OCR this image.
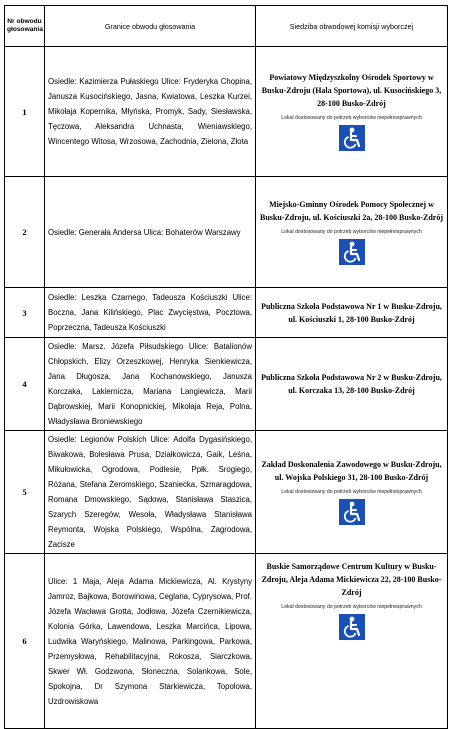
Nr obwodu głosowania	Granice obwodu głosowania	Siedziba obwodowej komisji wyborczej
1	Osiedle: Kazimierza Pułaskiego Ulice: Fryderyka Chopina, Janusza Kusocińskiego, Jasna, Kwiatowa, Leszka Kurzei, Mikołaja Kopernika, Młyńska, Promyk, Sady, Siesławska, Tęczowa, Aleksandra Uchnasta, Wieniawskiego, Wincentego Witosa, Wrzosowa, Zachodnia, Zielona, Złota	Powiatowy Międzyszkolny Ośrodek Sportowy w Busku-Zdroju (Hala Sportowa), ul. Kusocińskiego 3, 28-100 Busko-Zdrój
Lokal dostosowany do potrzeb wyborców niepełnosprawnych

2	Osiedle: Generała Andersa Ulica: Bohaterów Warszawy	Miejsko-Gminny Ośrodek Pomocy Społecznej w Busku-Zdroju, ul. Kościuszki 2a, 28-100 Busko-Zdrój
Lokal dostosowany do potrzeb wyborców niepełnosprawnych

3	Osiedle: Leszka Czarnego, Tadeusza Kościuszki Ulice: Boczna, Jana Kilińskiego, Plac Zwycięstwa, Pocztowa, Poprzeczna, Tadeusza Kościuszki	Publiczna Szkoła Podstawowa Nr 1 w Busku-Zdroju, ul. Kościuszki 1, 28-100 Busko-Zdrój

4	Osiedle: Marsz. Józefa Piłsudskiego Ulice: Batalionów Chłopskich, Elizy Orzeszkowej, Henryka Sienkiewicza, Jana Długosza, Jana Kochanowskiego, Janusza Korczaka, Lakiernicza, Mariana Langiewicza, Marii Dąbrowskiej, Marii Konopnickiej, Mikołaja Reja, Polna, Władysława Broniewskiego	Publiczna Szkoła Podstawowa Nr 2 w Busku-Zdroju, ul. Korczaka 13, 28-100 Busko-Zdrój

5	Osiedle: Legionów Polskich Ulice: Adolfa Dygasińskiego, Biwakowa, Bolesława Prusa, Działkowicza, Gaik, Leśna, Mikułowicka, Ogrodowa, Podlesie, Ppłk. Srogiego, Różana, Stefana Żeromskiego, Szaniecka, Szmaragdowa, Romana Dmowskiego, Sądowa, Stanisława Staszica, Szarych Szeregów, Wesoła, Władysława Stanisława Reymonta, Wojska Polskiego, Wspólna, Zagrodowa, Zacisze	Zakład Doskonalenia Zawodowego w Busku-Zdroju, ul. Wojska Polskiego 31, 28-100 Busko-Zdrój
Lokal dostosowany do potrzeb wyborców niepełnosprawnych

6	Ulice: 1 Maja, Aleja Adama Mickiewicza, Al. Krystyny Jamroz, Bajkowa, Borowinowa, Ceglana, Cyprysowa, Prof. Józefa Wacława Grotta, Jodłowa, Józefa Czernikiewicza, Kolonia Górka, Lawendowa, Leszka Marcińca, Lipowa, Ludwika Waryńskiego, Malinowa, Parkingowa, Parkowa, Przemysłowa, Rehabilitacyjna, Rokosza, Siarczkowa, Skwer Wł. Godzwona, Słoneczna, Solankowa, Sole, Spokojna, Dr Szymona Starkiewicza, Topolowa, Uzdrowiskowa	Buskie Samorządowe Centrum Kultury w Busku-Zdroju, Aleja Adama Mickiewicza 22, 28-100 Busko-Zdrój
Lokal dostosowany do potrzeb wyborców niepełnosprawnych
